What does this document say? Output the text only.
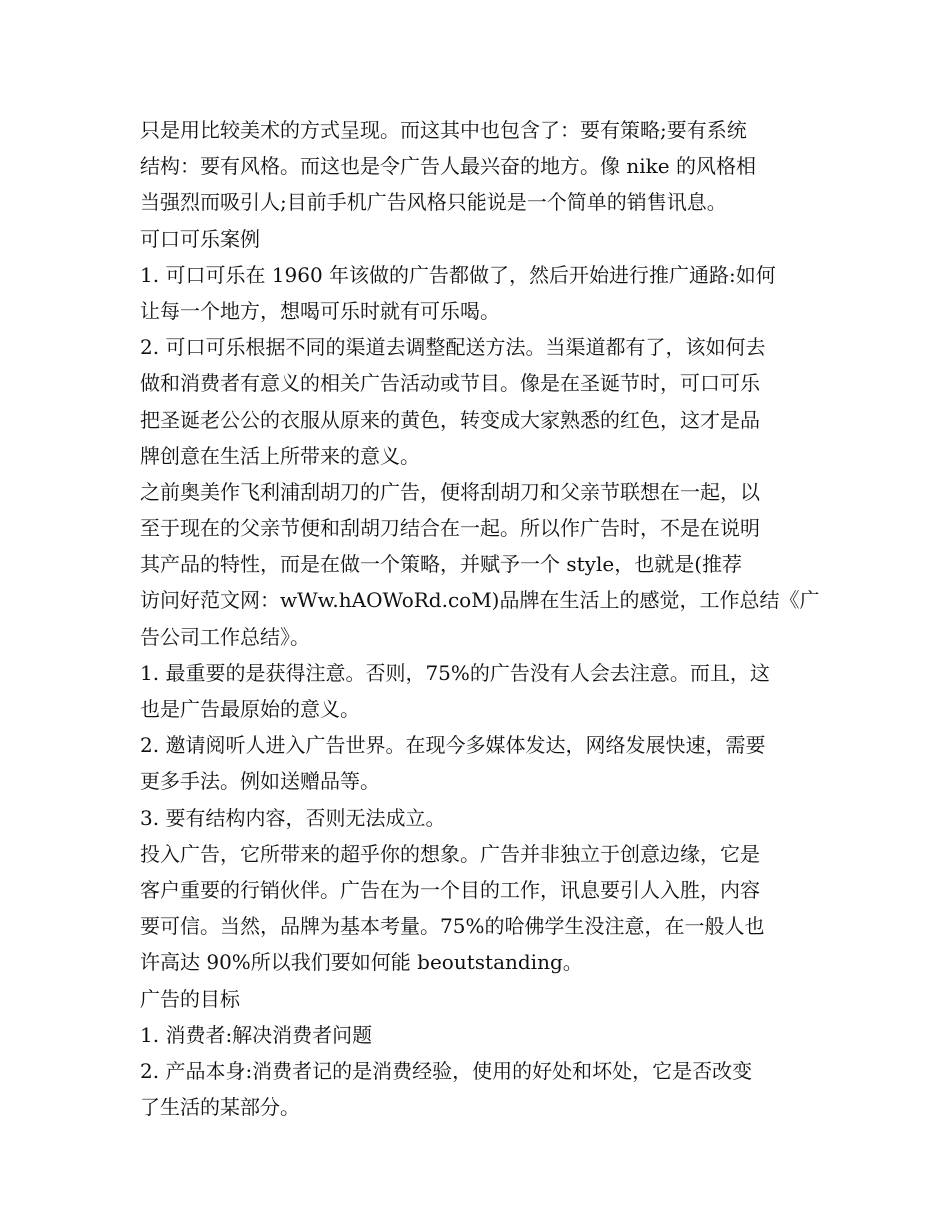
只是用比较美术的方式呈现。而这其中也包含了：要有策略;要有系统
结构：要有风格。而这也是令广告人最兴奋的地方。像 nike 的风格相
当强烈而吸引人;目前手机广告风格只能说是一个简单的销售讯息。
可口可乐案例
1. 可口可乐在 1960 年该做的广告都做了，然后开始进行推广通路:如何
让每一个地方，想喝可乐时就有可乐喝。
2. 可口可乐根据不同的渠道去调整配送方法。当渠道都有了，该如何去
做和消费者有意义的相关广告活动或节目。像是在圣诞节时，可口可乐
把圣诞老公公的衣服从原来的黄色，转变成大家熟悉的红色，这才是品
牌创意在生活上所带来的意义。
之前奥美作飞利浦刮胡刀的广告，便将刮胡刀和父亲节联想在一起，以
至于现在的父亲节便和刮胡刀结合在一起。所以作广告时，不是在说明
其产品的特性，而是在做一个策略，并赋予一个 style，也就是(推荐
访问好范文网：wWw.hAOWoRd.coM)品牌在生活上的感觉，工作总结《广
告公司工作总结》。
1. 最重要的是获得注意。否则，75%的广告没有人会去注意。而且，这
也是广告最原始的意义。
2. 邀请阅听人进入广告世界。在现今多媒体发达，网络发展快速，需要
更多手法。例如送赠品等。
3. 要有结构内容，否则无法成立。
投入广告，它所带来的超乎你的想象。广告并非独立于创意边缘，它是
客户重要的行销伙伴。广告在为一个目的工作，讯息要引人入胜，内容
要可信。当然，品牌为基本考量。75%的哈佛学生没注意，在一般人也
许高达 90%所以我们要如何能 beoutstanding。
广告的目标
1. 消费者:解决消费者问题
2. 产品本身:消费者记的是消费经验，使用的好处和坏处，它是否改变
了生活的某部分。
